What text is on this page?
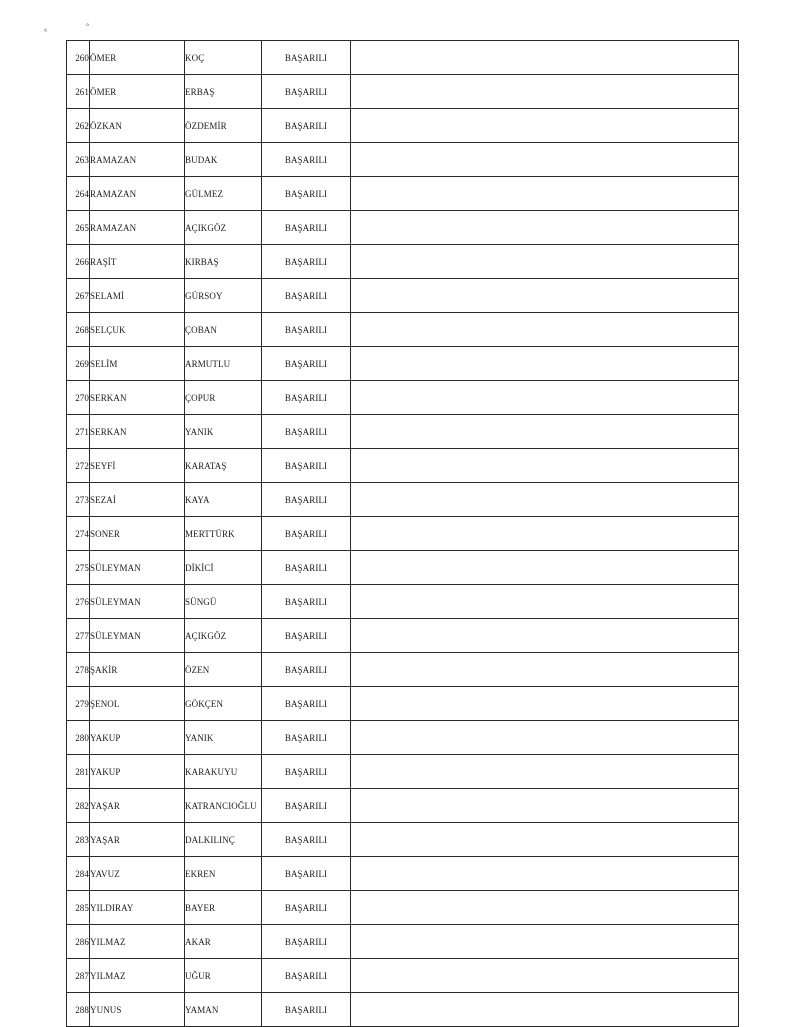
ᵈ	°
260	ÖMER	KOÇ	BAŞARILI	
261	ÖMER	ERBAŞ	BAŞARILI	
262	ÖZKAN	ÖZDEMİR	BAŞARILI	
263	RAMAZAN	BUDAK	BAŞARILI	
264	RAMAZAN	GÜLMEZ	BAŞARILI	
265	RAMAZAN	AÇIKGÖZ	BAŞARILI	
266	RAŞİT	KIRBAŞ	BAŞARILI	
267	SELAMİ	GÜRSOY	BAŞARILI	
268	SELÇUK	ÇOBAN	BAŞARILI	
269	SELİM	ARMUTLU	BAŞARILI	
270	SERKAN	ÇOPUR	BAŞARILI	
271	SERKAN	YANIK	BAŞARILI	
272	SEYFİ	KARATAŞ	BAŞARILI	
273	SEZAİ	KAYA	BAŞARILI	
274	SONER	MERTTÜRK	BAŞARILI	
275	SÜLEYMAN	DİKİCİ	BAŞARILI	
276	SÜLEYMAN	SÜNGÜ	BAŞARILI	
277	SÜLEYMAN	AÇIKGÖZ	BAŞARILI	
278	ŞAKİR	ÖZEN	BAŞARILI	
279	ŞENOL	GÖKÇEN	BAŞARILI	
280	YAKUP	YANIK	BAŞARILI	
281	YAKUP	KARAKUYU	BAŞARILI	
282	YAŞAR	KATRANCIOĞLU	BAŞARILI	
283	YAŞAR	DALKILINÇ	BAŞARILI	
284	YAVUZ	EKREN	BAŞARILI	
285	YILDIRAY	BAYER	BAŞARILI	
286	YILMAZ	AKAR	BAŞARILI	
287	YILMAZ	UĞUR	BAŞARILI	
288	YUNUS	YAMAN	BAŞARILI	
